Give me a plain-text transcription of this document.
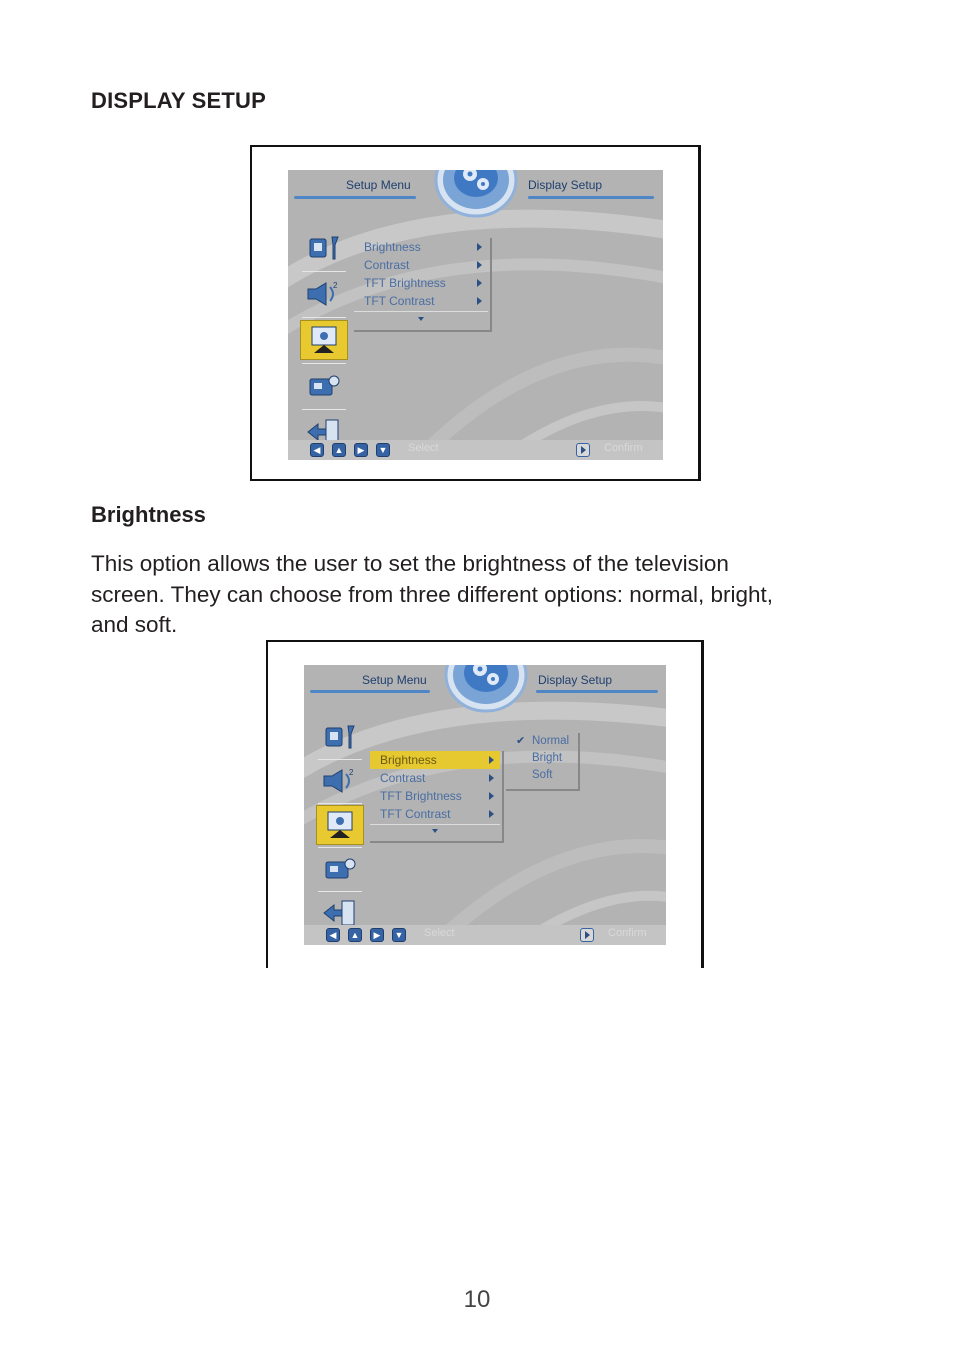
DISPLAY SETUP
Setup Menu	Display Setup
2
Brightness
Contrast
TFT Brightness
TFT Contrast
◀	▲	▶	▼ Select	Confirm
Brightness
This option allows the user to set the brightness of the television
screen. They can choose from three different options: normal, bright,
and soft.
Setup Menu	Display Setup
2
Brightness
Contrast
TFT Brightness
TFT Contrast
✔ Normal
Bright
Soft
◀	▲	▶	▼ Select	Confirm
10
